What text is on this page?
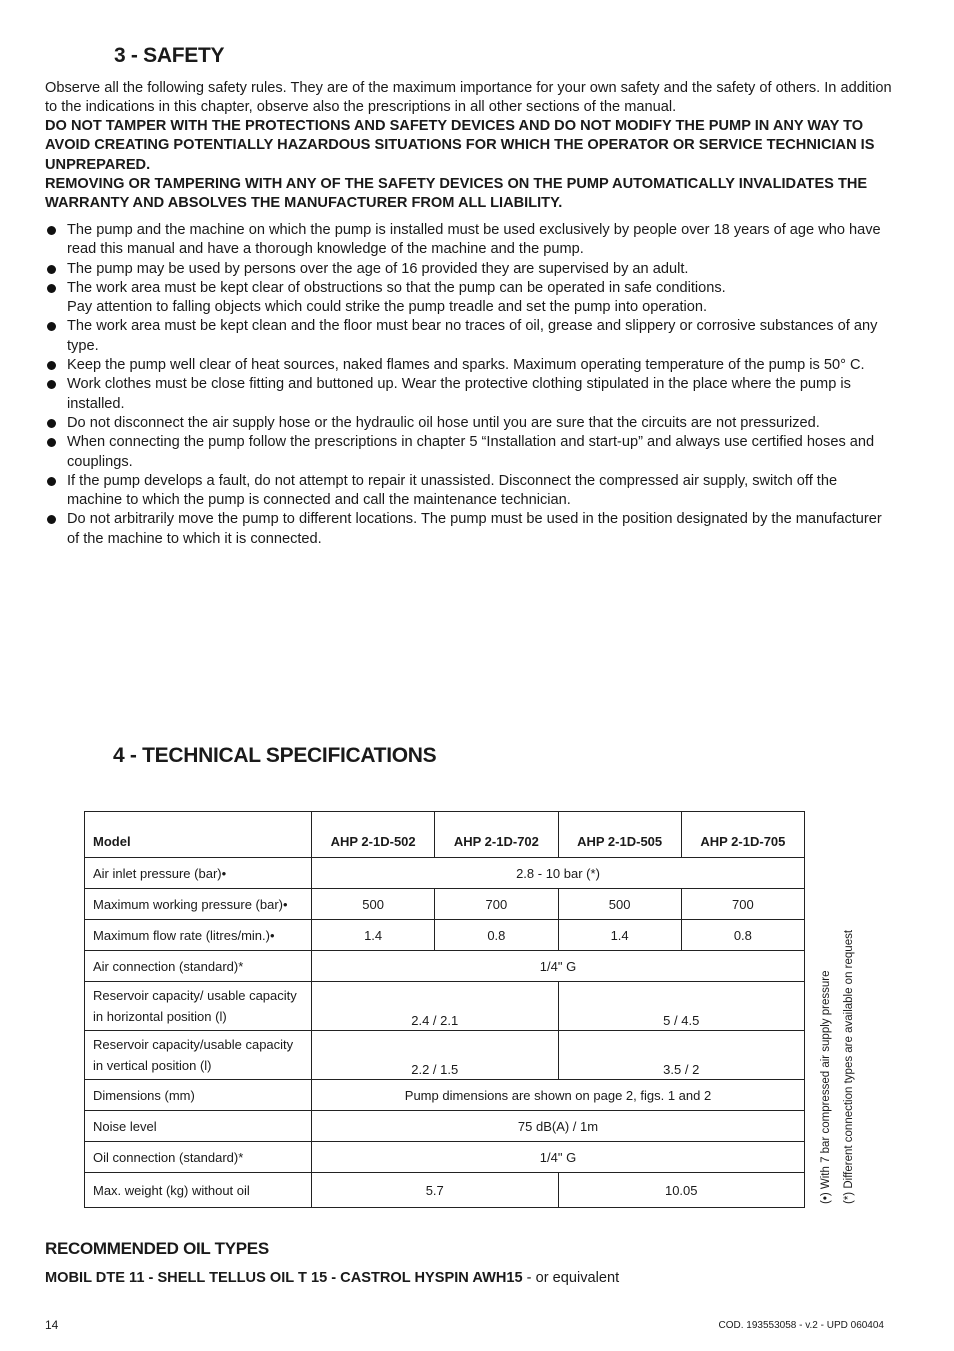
3 - SAFETY
Observe all the following safety rules. They are of the maximum importance for your own safety and the safety of others. In addition to the indications in this chapter, observe also the prescriptions in all other sections of the manual.
DO NOT TAMPER WITH THE PROTECTIONS AND SAFETY DEVICES AND DO NOT MODIFY THE PUMP IN ANY WAY TO AVOID CREATING POTENTIALLY HAZARDOUS SITUATIONS FOR WHICH THE OPERATOR OR SERVICE TECHNICIAN IS UNPREPARED.
REMOVING OR TAMPERING WITH ANY OF THE SAFETY DEVICES ON THE PUMP AUTOMATICALLY INVALIDATES THE WARRANTY AND ABSOLVES THE MANUFACTURER FROM ALL LIABILITY.
The pump and the machine on which the pump is installed must be used exclusively by people over 18 years of age who have read this manual and have a thorough knowledge of the machine and the pump.
The pump may be used by persons over the age of 16 provided they are supervised by an adult.
The work area must be kept clear of obstructions so that the pump can be operated in safe conditions.
Pay attention to falling objects which could strike the pump treadle and set the pump into operation.
The work area must be kept clean and the floor must bear no traces of oil, grease and slippery or corrosive substances of any type.
Keep the pump well clear of heat sources, naked flames and sparks. Maximum operating temperature of the pump is 50° C.
Work clothes must be close fitting and buttoned up. Wear the protective clothing stipulated in the place where the pump is installed.
Do not disconnect the air supply hose or the hydraulic oil hose until you are sure that the circuits are not pressurized.
When connecting the pump follow the prescriptions in chapter 5 “Installation and start-up” and always use certified hoses and couplings.
If the pump develops a fault, do not attempt to repair it unassisted. Disconnect the compressed air supply, switch off the machine to which the pump is connected and call the maintenance technician.
Do not arbitrarily move the pump to different locations. The pump must be used in the position designated by the manufacturer of the machine to which it is connected.
4 - TECHNICAL SPECIFICATIONS
Model	AHP 2-1D-502	AHP 2-1D-702	AHP 2-1D-505	AHP 2-1D-705
Air inlet pressure (bar)•	2.8 - 10 bar (*)			
Maximum working pressure (bar)•	500	700	500	700
Maximum flow rate (litres/min.)•	1.4	0.8	1.4	0.8
Air connection (standard)*	1/4" G			
Reservoir capacity/ usable capacity
in horizontal position (l)	2.4 / 2.1		5 / 4.5	
Reservoir capacity/usable capacity
in vertical position (l)	2.2 / 1.5		3.5 / 2	
Dimensions (mm)	Pump dimensions are shown on page 2, figs. 1 and 2			
Noise level	75 dB(A) / 1m			
Oil connection (standard)*	1/4" G			
Max. weight (kg) without oil	5.7		10.05		(•) With 7 bar compressed air supply pressure (*) Different connection types are available on request
RECOMMENDED OIL TYPES
MOBIL DTE 11 - SHELL TELLUS OIL T 15 - CASTROL HYSPIN AWH15 - or equivalent
14	COD. 193553058 - v.2 - UPD 060404
